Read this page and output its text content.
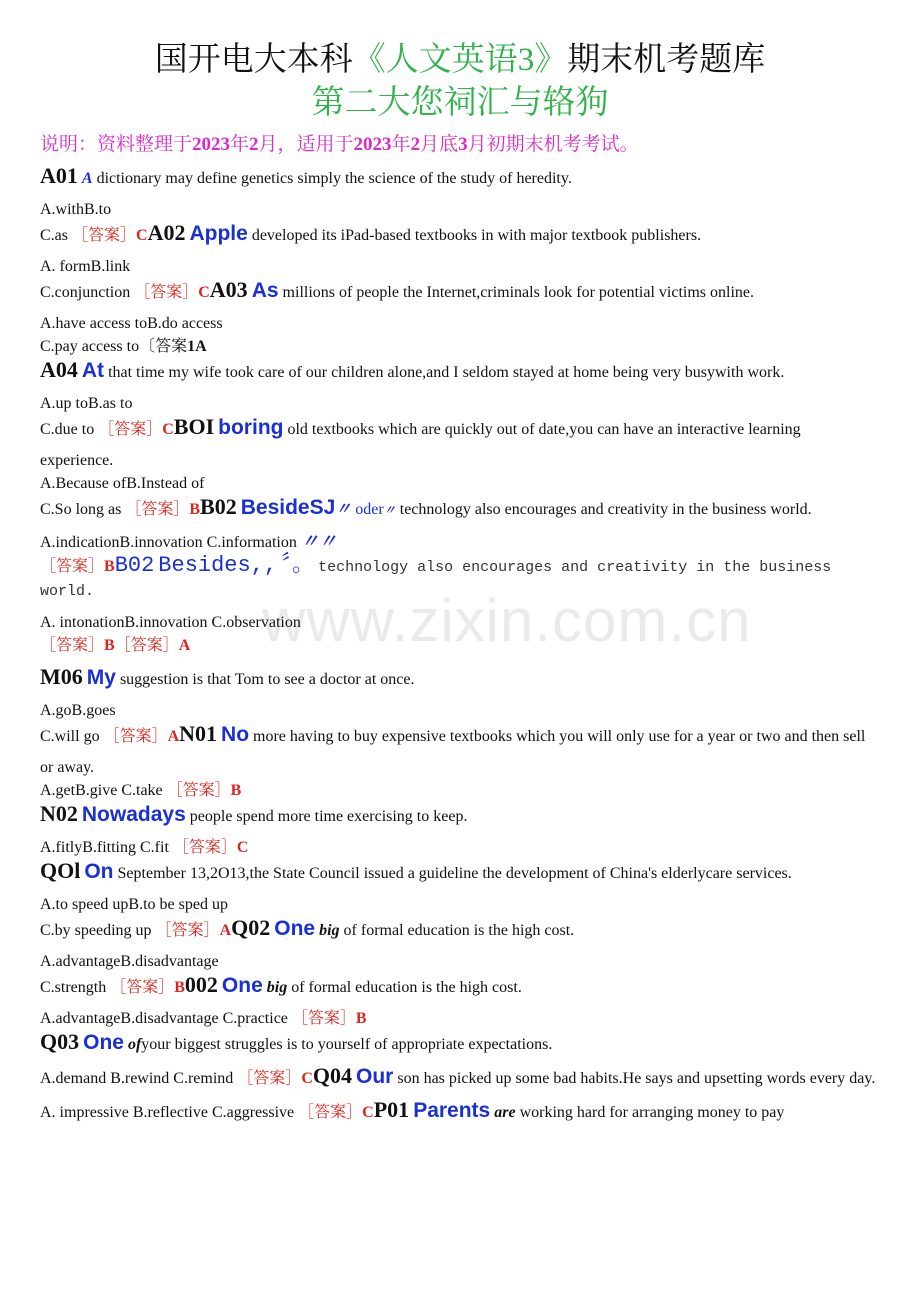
www.zixin.com.cn
国开电大本科《人文英语3》期末机考题库
第二大您祠汇与辂狗
说明：资料整理于2023年2月，适用于2023年2月底3月初期末机考考试。
A01 A dictionary may define genetics simply the science of the study of heredity.
A.withB.to
C.as ［答案］CA02 Apple developed its iPad-based textbooks in with major textbook publishers.
A. formB.link
C.conjunction ［答案］CA03 As millions of people the Internet,criminals look for potential victims online.
A.have access toB.do access
C.pay access to〔答案1A
A04 At that time my wife took care of our children alone,and I seldom stayed at home being very busywith work.
A.up toB.as to
C.due to ［答案］CBOI boring old textbooks which are quickly out of date,you can have an interactive learning
experience.
A.Because ofB.Instead of
C.So long as ［答案］BB02 BesideSJ〃 oder〃 technology also encourages and creativity in the business world.
A.indicationB.innovation C.information 〃〃
［答案］BB02 Besides,, 〞。 technology also encourages and creativity in the business world.
A. intonationB.innovation C.observation
［答案］B［答案］A
M06 My suggestion is that Tom to see a doctor at once.
A.goB.goes
C.will go ［答案］AN01 No more having to buy expensive textbooks which you will only use for a year or two and then sell
or away.
A.getB.give C.take ［答案］B
N02 Nowadays people spend more time exercising to keep.
A.fitlyB.fitting C.fit ［答案］C
QOl On September 13,2O13,the State Council issued a guideline the development of China's elderlycare services.
A.to speed upB.to be sped up
C.by speeding up ［答案］AQ02 One big of formal education is the high cost.
A.advantageB.disadvantage
C.strength ［答案］B002 One big of formal education is the high cost.
A.advantageB.disadvantage C.practice ［答案］B
Q03 One ofyour biggest struggles is to yourself of appropriate expectations.
A.demand B.rewind C.remind ［答案］CQ04 Our son has picked up some bad habits.He says and upsetting words every day.
A. impressive B.reflective C.aggressive ［答案］CP01 Parents are working hard for arranging money to pay
